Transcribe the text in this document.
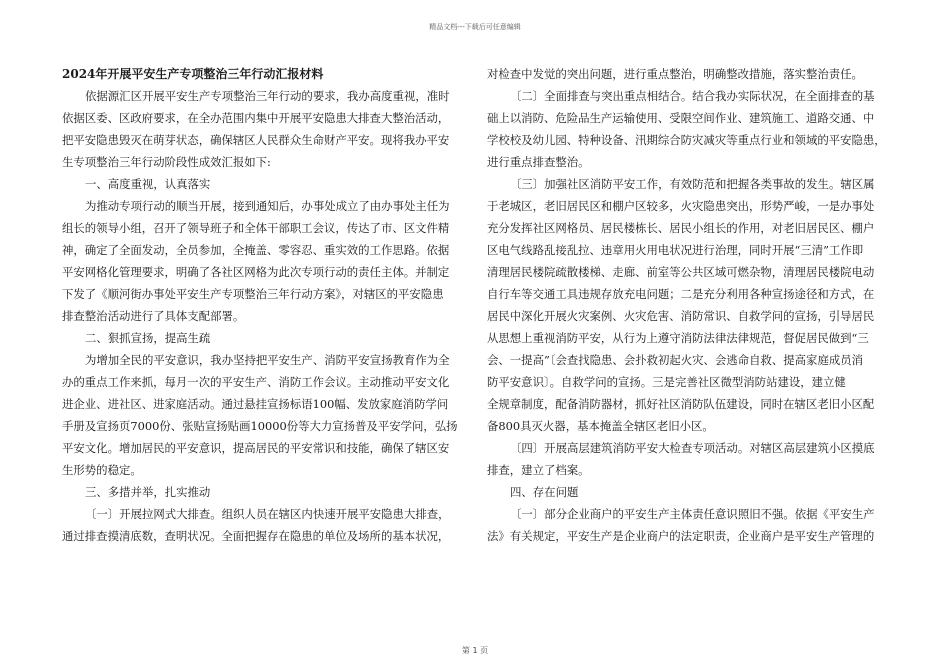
精品文档---下载后可任意编辑

2024年开展平安生产专项整治三年行动汇报材料

依据源汇区开展平安生产专项整治三年行动的要求，我办高度重视，准时

依据区委、区政府要求，在全办范围内集中开展平安隐患大排查大整治活动，

把平安隐患毁灭在萌芽状态，确保辖区人民群众生命财产平安。现将我办平安

生专项整治三年行动阶段性成效汇报如下:

一、高度重视，认真落实

为推动专项行动的顺当开展，接到通知后，办事处成立了由办事处主任为

组长的领导小组，召开了领导班子和全体干部职工会议，传达了市、区文件精

神，确定了全面发动，全员参加，全掩盖、零容忍、重实效的工作思路。依据

平安网格化管理要求，明确了各社区网格为此次专项行动的责任主体。并制定

下发了《顺河街办事处平安生产专项整治三年行动方案》，对辖区的平安隐患

排查整治活动进行了具体支配部署。

二、狠抓宣扬，提高生疏

为增加全民的平安意识，我办坚持把平安生产、消防平安宣扬教育作为全

办的重点工作来抓，每月一次的平安生产、消防工作会议。主动推动平安文化

进企业、进社区、进家庭活动。通过悬挂宣扬标语100幅、发放家庭消防学问

手册及宣扬页7000份、张贴宣扬贴画10000份等大力宣扬普及平安学问，弘扬

平安文化。增加居民的平安意识，提高居民的平安常识和技能，确保了辖区安

生形势的稳定。

三、多措并举，扎实推动

〔一〕开展拉网式大排查。组织人员在辖区内快速开展平安隐患大排查，

通过排查摸清底数，查明状况。全面把握存在隐患的单位及场所的基本状况，

对检查中发觉的突出问题，进行重点整治，明确整改措施，落实整治责任。

〔二〕全面排查与突出重点相结合。结合我办实际状况，在全面排查的基

础上以消防、危险品生产运输使用、受限空间作业、建筑施工、道路交通、中

学校校及幼儿园、特种设备、汛期综合防灾减灾等重点行业和领域的平安隐患，

进行重点排查整治。

〔三〕加强社区消防平安工作，有效防范和把握各类事故的发生。辖区属

于老城区，老旧居民区和棚户区较多，火灾隐患突出，形势严峻，一是办事处

充分发挥社区网格员、居民楼栋长、居民小组长的作用，对老旧居民区、棚户

区电气线路乱接乱拉、违章用火用电状况进行治理，同时开展“三清”工作即

清理居民楼院疏散楼梯、走廊、前室等公共区域可燃杂物，清理居民楼院电动

自行车等交通工具违规存放充电问题；二是充分利用各种宣扬途径和方式，在

居民中深化开展火灾案例、火灾危害、消防常识、自救学问的宣扬，引导居民

从思想上重视消防平安，从行为上遵守消防法律法律规范，督促居民做到“三

会、一提高”〔会查找隐患、会扑救初起火灾、会逃命自救、提高家庭成员消

防平安意识〕。自救学问的宣扬。三是完善社区微型消防站建设，建立健

全规章制度，配备消防器材，抓好社区消防队伍建设，同时在辖区老旧小区配

备800具灭火器，基本掩盖全辖区老旧小区。

〔四〕开展高层建筑消防平安大检查专项活动。对辖区高层建筑小区摸底

排查，建立了档案。

四、存在问题

〔一〕部分企业商户的平安生产主体责任意识照旧不强。依据《平安生产

法》有关规定，平安生产是企业商户的法定职责，企业商户是平安生产管理的

第 1 页
